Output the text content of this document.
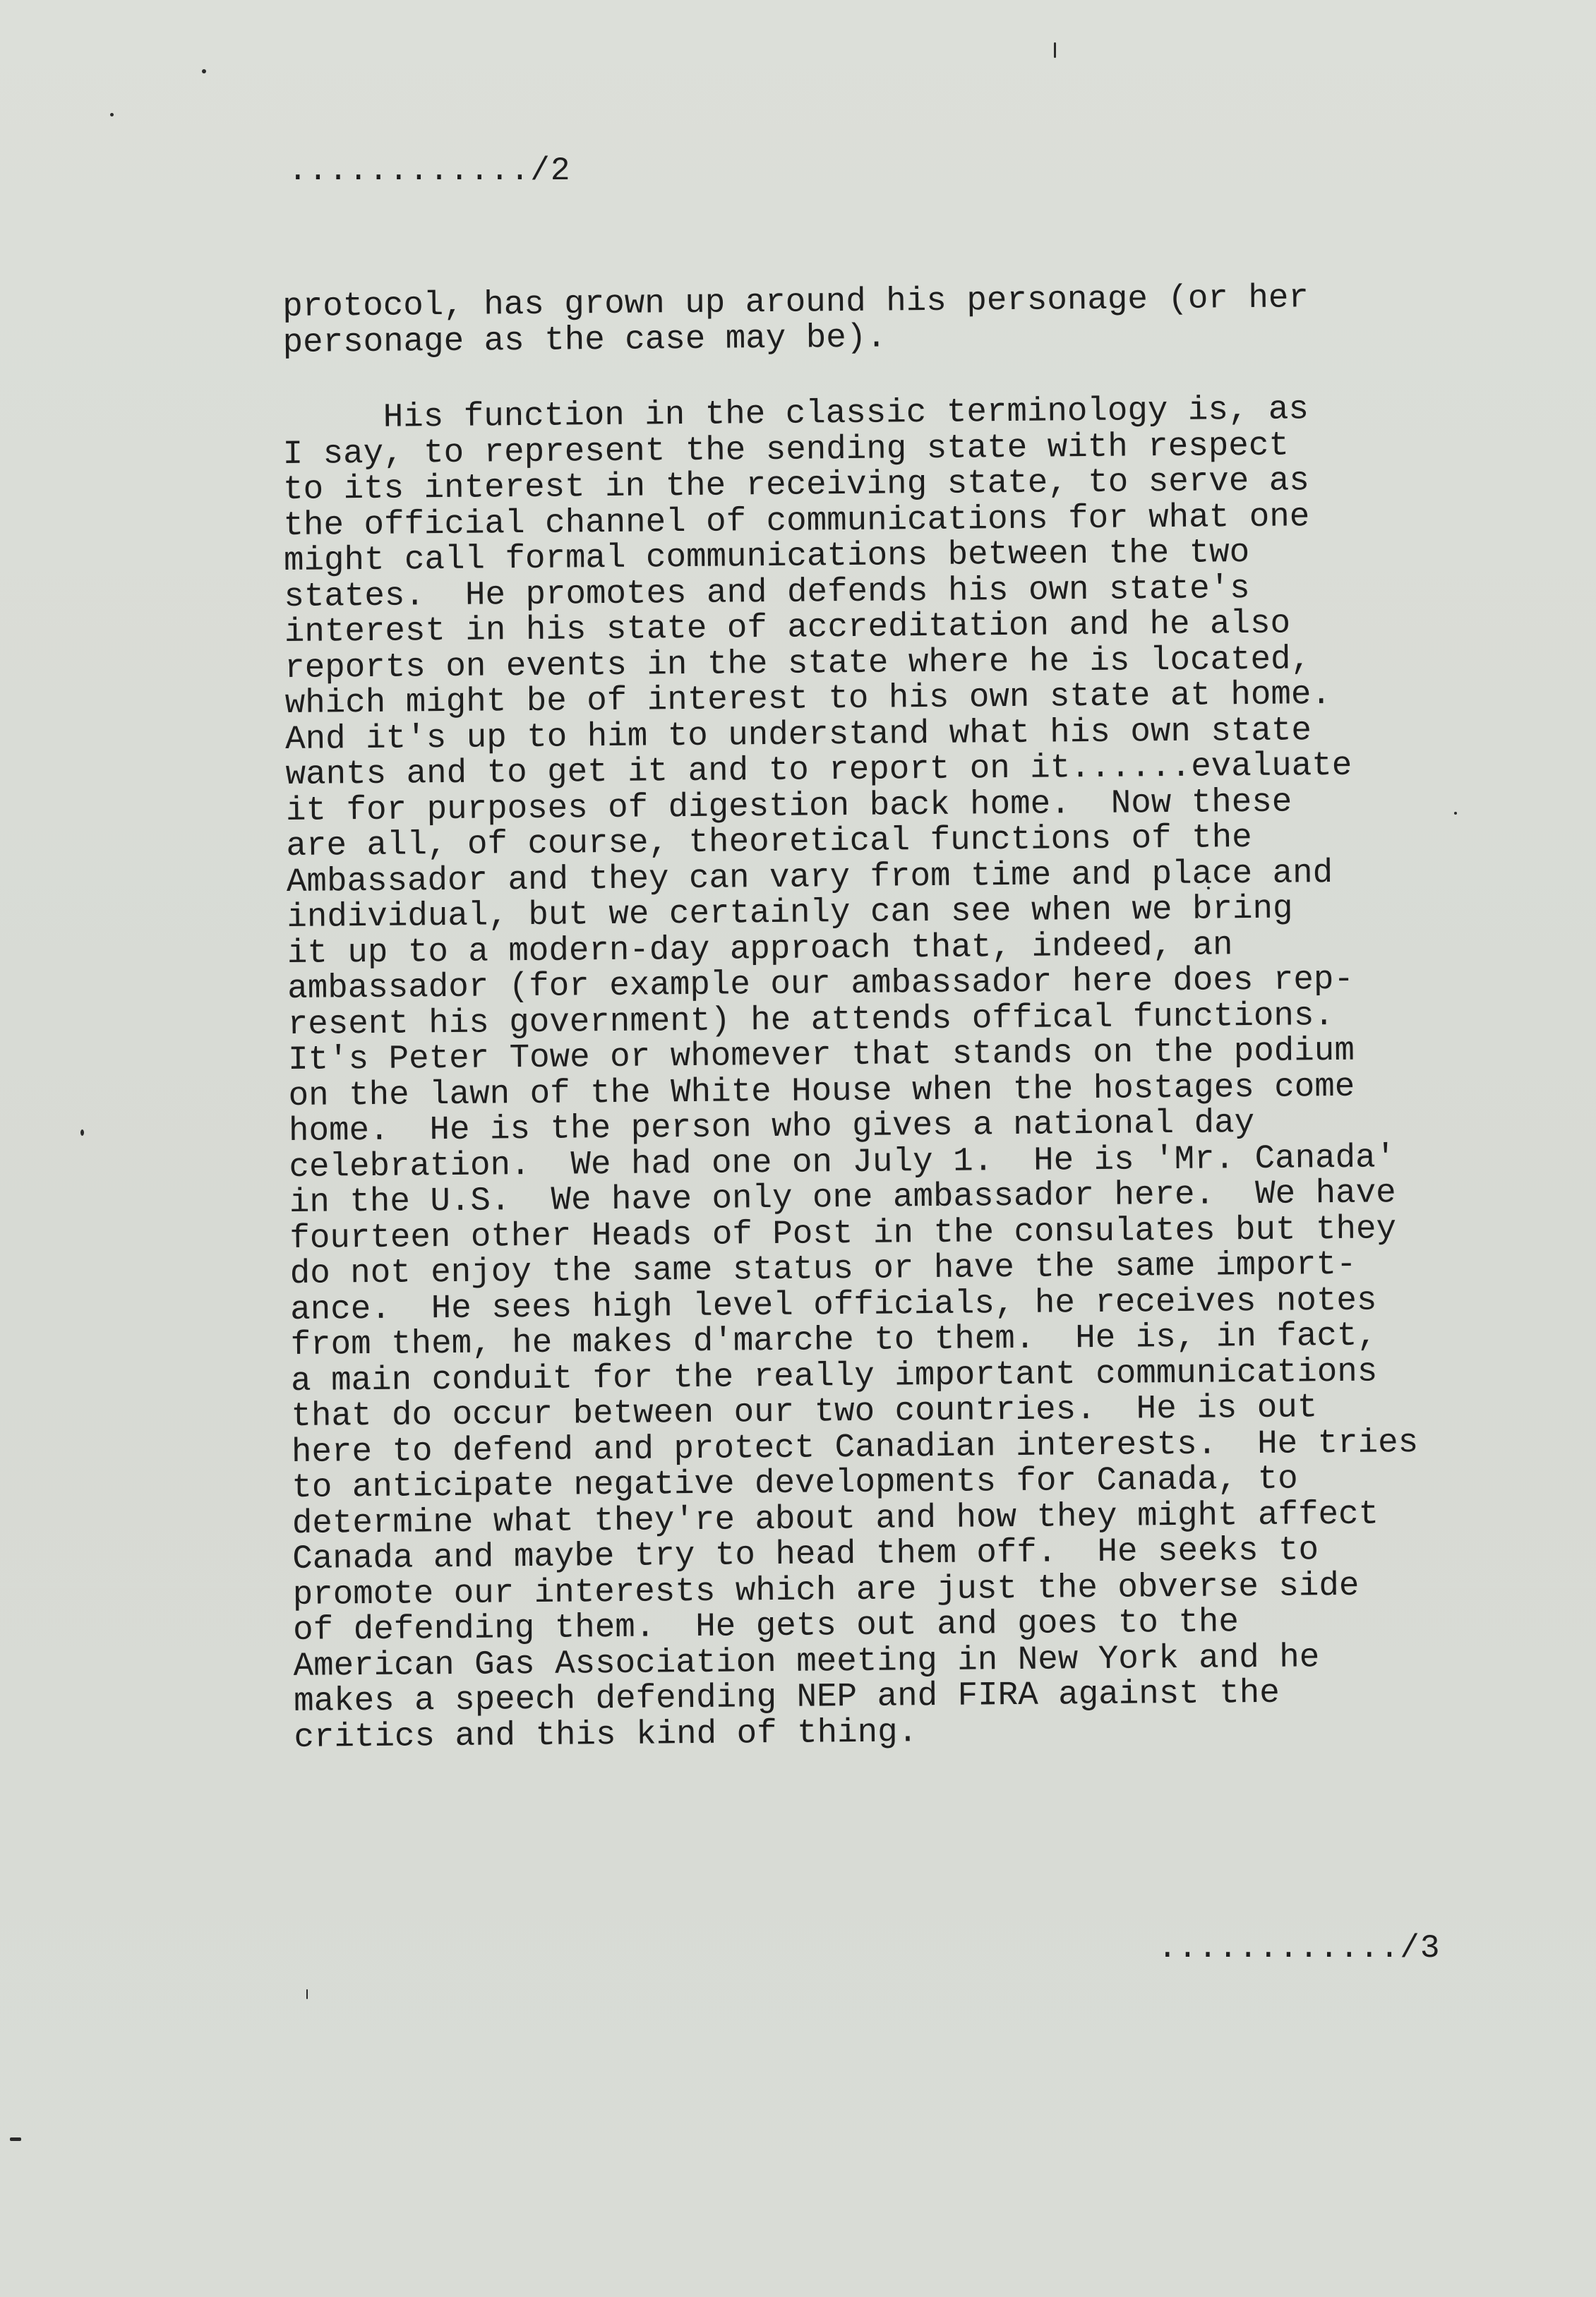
............/2
protocol, has grown up around his personage (or her
personage as the case may be).
His function in the classic terminology is, as
I say, to represent the sending state with respect
to its interest in the receiving state, to serve as
the official channel of communications for what one
might call formal communications between the two
states.  He promotes and defends his own state's
interest in his state of accreditation and he also
reports on events in the state where he is located,
which might be of interest to his own state at home.
And it's up to him to understand what his own state
wants and to get it and to report on it......evaluate
it for purposes of digestion back home.  Now these
are all, of course, theoretical functions of the
Ambassador and they can vary from time and place and
individual, but we certainly can see when we bring
it up to a modern-day approach that, indeed, an
ambassador (for example our ambassador here does rep-
resent his government) he attends offical functions.
It's Peter Towe or whomever that stands on the podium
on the lawn of the White House when the hostages come
home.  He is the person who gives a national day
celebration.  We had one on July 1.  He is 'Mr. Canada'
in the U.S.  We have only one ambassador here.  We have
fourteen other Heads of Post in the consulates but they
do not enjoy the same status or have the same import-
ance.  He sees high level officials, he receives notes
from them, he makes d'marche to them.  He is, in fact,
a main conduit for the really important communications
that do occur between our two countries.  He is out
here to defend and protect Canadian interests.  He tries
to anticipate negative developments for Canada, to
determine what they're about and how they might affect
Canada and maybe try to head them off.  He seeks to
promote our interests which are just the obverse side
of defending them.  He gets out and goes to the
American Gas Association meeting in New York and he
makes a speech defending NEP and FIRA against the
critics and this kind of thing.
............/3
